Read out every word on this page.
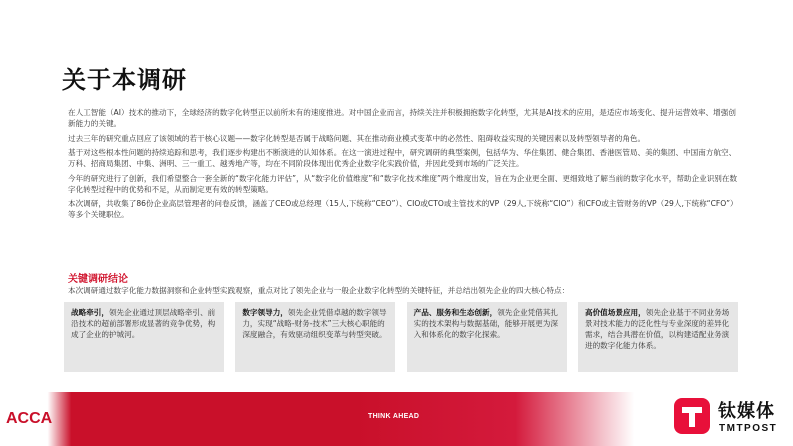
关于本调研

在人工智能（AI）技术的推动下，全球经济的数字化转型正以前所未有的速度推进。对中国企业而言，持续关注并积极拥抱数字化转型，尤其是AI技术的应用，是适应市场变化、提升运营效率、增强创新能力的关键。

过去三年的研究重点回应了该领域的若干核心议题——数字化转型是否属于战略问题、其在推动商业模式变革中的必然性、阻碍收益实现的关键因素以及转型领导者的角色。

基于对这些根本性问题的持续追踪和思考，我们逐步构建出不断演进的认知体系。在这一演进过程中，研究调研的典型案例，包括华为、华住集团、健合集团、香港医管局、美的集团、中国南方航空、万科、招商局集团、中集、洲明、三一重工、越秀地产等，均在不同阶段体现出优秀企业数字化实践价值，并因此受到市场的广泛关注。

今年的研究进行了创新，我们希望整合一套全新的“数字化能力评估”，从“数字化价值维度”和“数字化技术维度”两个维度出发，旨在为企业更全面、更细致地了解当前的数字化水平，帮助企业识别在数字化转型过程中的优势和不足，从而制定更有效的转型策略。

本次调研，共收集了86份企业高层管理者的问卷反馈，涵盖了CEO或总经理（15人,下统称“CEO”）、CIO或CTO或主管技术的VP（29人,下统称“CIO”）和CFO或主管财务的VP（29人,下统称“CFO”）等多个关键职位。

关键调研结论
本次调研通过数字化能力数据洞察和企业转型实践观察，重点对比了领先企业与一般企业数字化转型的关键特征，并总结出领先企业的四大核心特点：
战略牵引，领先企业通过顶层战略牵引、前沿技术的超前部署形成显著的竞争优势，构成了企业的护城河。
数字领导力，领先企业凭借卓越的数字领导力，实现“战略-财务-技术”三大核心职能的深度融合，有效驱动组织变革与转型突破。
产品、服务和生态创新，领先企业凭借其扎实的技术架构与数据基础，能够开展更为深入和体系化的数字化探索。
高价值场景应用，领先企业基于不同业务场景对技术能力的泛化性与专业深度的差异化需求，结合具潜在价值，以构建适配业务演进的数字化能力体系。
ACCA	THINK AHEAD	钛媒体
TMTPOST
